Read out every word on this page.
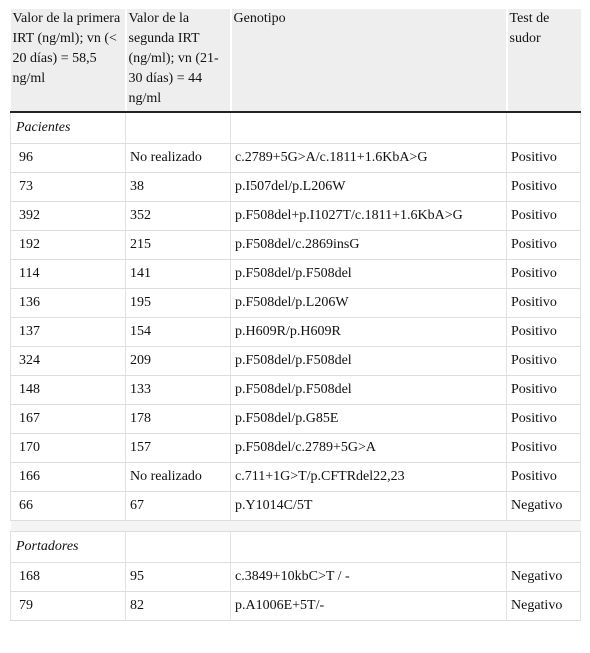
Valor de la primera IRT (ng/ml); vn (< 20 días) = 58,5 ng/ml	Valor de la segunda IRT (ng/ml); vn (21-30 días) = 44 ng/ml	Genotipo	Test de sudor
Pacientes			
96	No realizado	c.2789+5G>A/c.1811+1.6KbA>G	Positivo
73	38	p.I507del/p.L206W	Positivo
392	352	p.F508del+p.I1027T/c.1811+1.6KbA>G	Positivo
192	215	p.F508del/c.2869insG	Positivo
114	141	p.F508del/p.F508del	Positivo
136	195	p.F508del/p.L206W	Positivo
137	154	p.H609R/p.H609R	Positivo
324	209	p.F508del/p.F508del	Positivo
148	133	p.F508del/p.F508del	Positivo
167	178	p.F508del/p.G85E	Positivo
170	157	p.F508del/c.2789+5G>A	Positivo
166	No realizado	c.711+1G>T/p.CFTRdel22,23	Positivo
66	67	p.Y1014C/5T	Negativo

Portadores			
168	95	c.3849+10kbC>T / -	Negativo
79	82	p.A1006E+5T/-	Negativo
